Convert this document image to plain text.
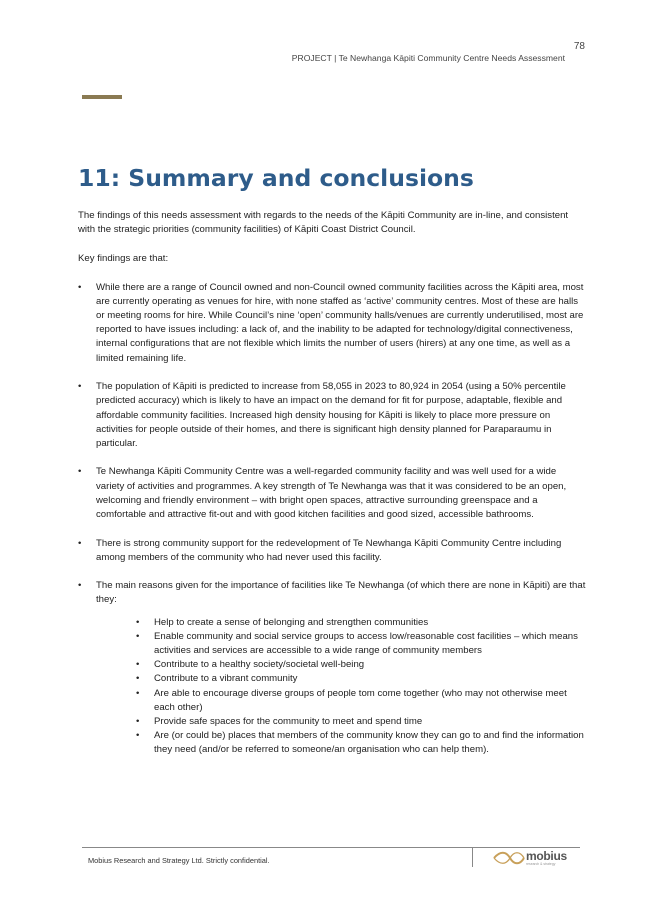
78
PROJECT | Te Newhanga Kāpiti Community Centre Needs Assessment
11: Summary and conclusions

The findings of this needs assessment with regards to the needs of the Kāpiti Community are in-line, and consistent with the strategic priorities (community facilities) of Kāpiti Coast District Council.

Key findings are that:

• While there are a range of Council owned and non-Council owned community facilities across the Kāpiti area, most are currently operating as venues for hire, with none staffed as ‘active’ community centres. Most of these are halls or meeting rooms for hire. While Council’s nine ‘open’ community halls/venues are currently underutilised, most are reported to have issues including: a lack of, and the inability to be adapted for technology/digital connectiveness, internal configurations that are not flexible which limits the number of users (hirers) at any one time, as well as a limited remaining life.
• The population of Kāpiti is predicted to increase from 58,055 in 2023 to 80,924 in 2054 (using a 50% percentile predicted accuracy) which is likely to have an impact on the demand for fit for purpose, adaptable, flexible and affordable community facilities. Increased high density housing for Kāpiti is likely to place more pressure on activities for people outside of their homes, and there is significant high density planned for Paraparaumu in particular.
• Te Newhanga Kāpiti Community Centre was a well-regarded community facility and was well used for a wide variety of activities and programmes. A key strength of Te Newhanga was that it was considered to be an open, welcoming and friendly environment – with bright open spaces, attractive surrounding greenspace and a comfortable and attractive fit-out and with good kitchen facilities and good sized, accessible bathrooms.
• There is strong community support for the redevelopment of Te Newhanga Kāpiti Community Centre including among members of the community who had never used this facility.
• The main reasons given for the importance of facilities like Te Newhanga (of which there are none in Kāpiti) are that they:
• Help to create a sense of belonging and strengthen communities
• Enable community and social service groups to access low/reasonable cost facilities – which means activities and services are accessible to a wide range of community members
• Contribute to a healthy society/societal well-being
• Contribute to a vibrant community
• Are able to encourage diverse groups of people tom come together (who may not otherwise meet each other)
• Provide safe spaces for the community to meet and spend time
• Are (or could be) places that members of the community know they can go to and find the information they need (and/or be referred to someone/an organisation who can help them).
Mobius Research and Strategy Ltd. Strictly confidential.	mobius
research & strategy
